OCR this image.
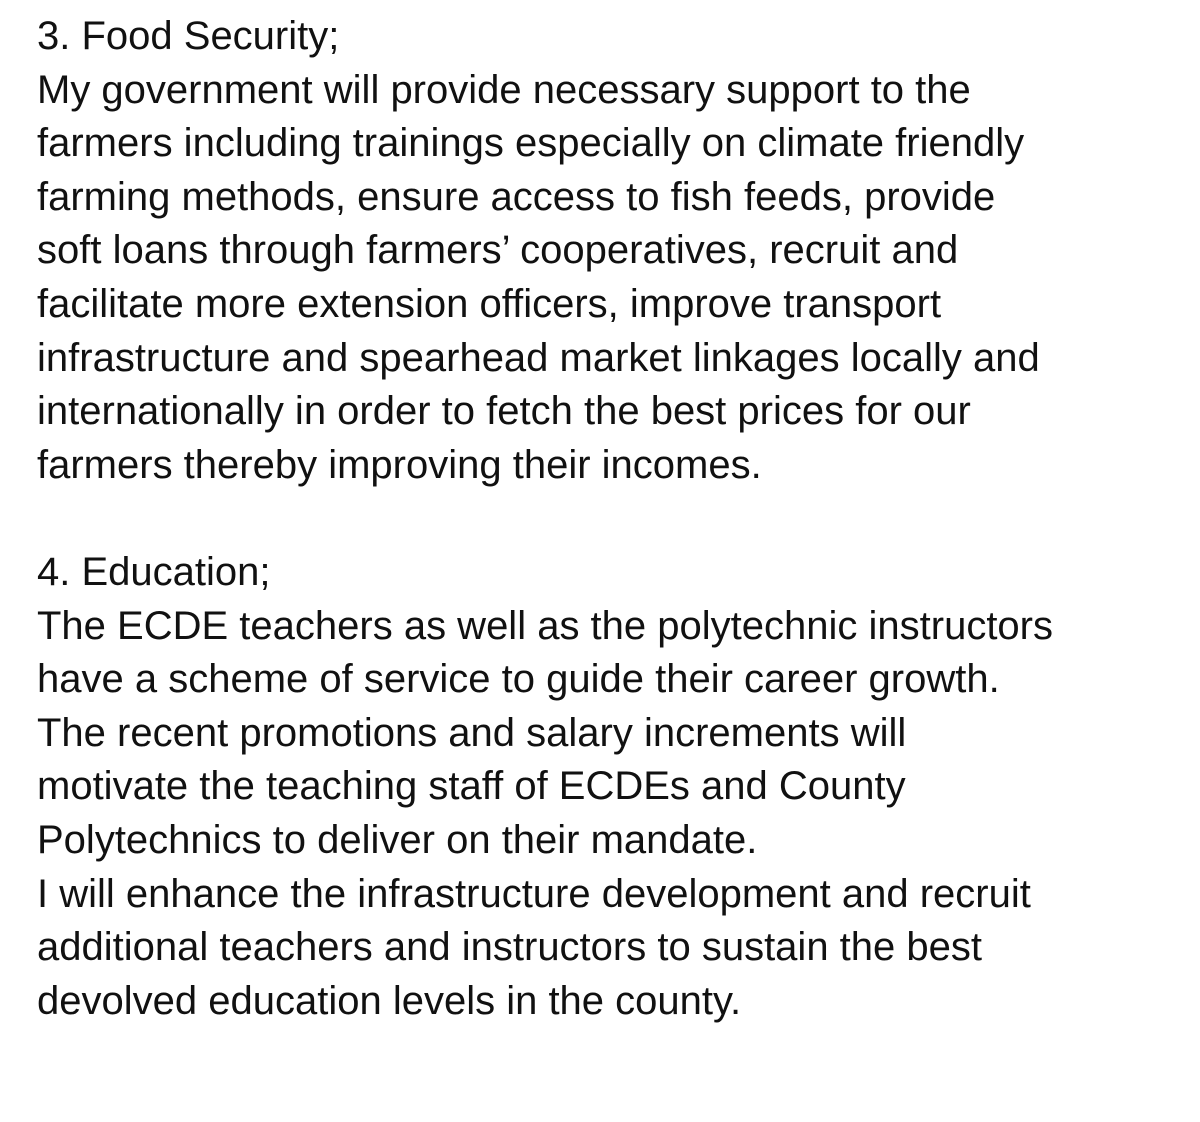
3. Food Security;
My government will provide necessary support to the
farmers including trainings especially on climate friendly
farming methods, ensure access to fish feeds, provide
soft loans through farmers’ cooperatives, recruit and
facilitate more extension officers, improve transport
infrastructure and spearhead market linkages locally and
internationally in order to fetch the best prices for our
farmers thereby improving their incomes.
4. Education;
The ECDE teachers as well as the polytechnic instructors
have a scheme of service to guide their career growth.
The recent promotions and salary increments will
motivate the teaching staff of ECDEs and County
Polytechnics to deliver on their mandate.
I will enhance the infrastructure development and recruit
additional teachers and instructors to sustain the best
devolved education levels in the county.
